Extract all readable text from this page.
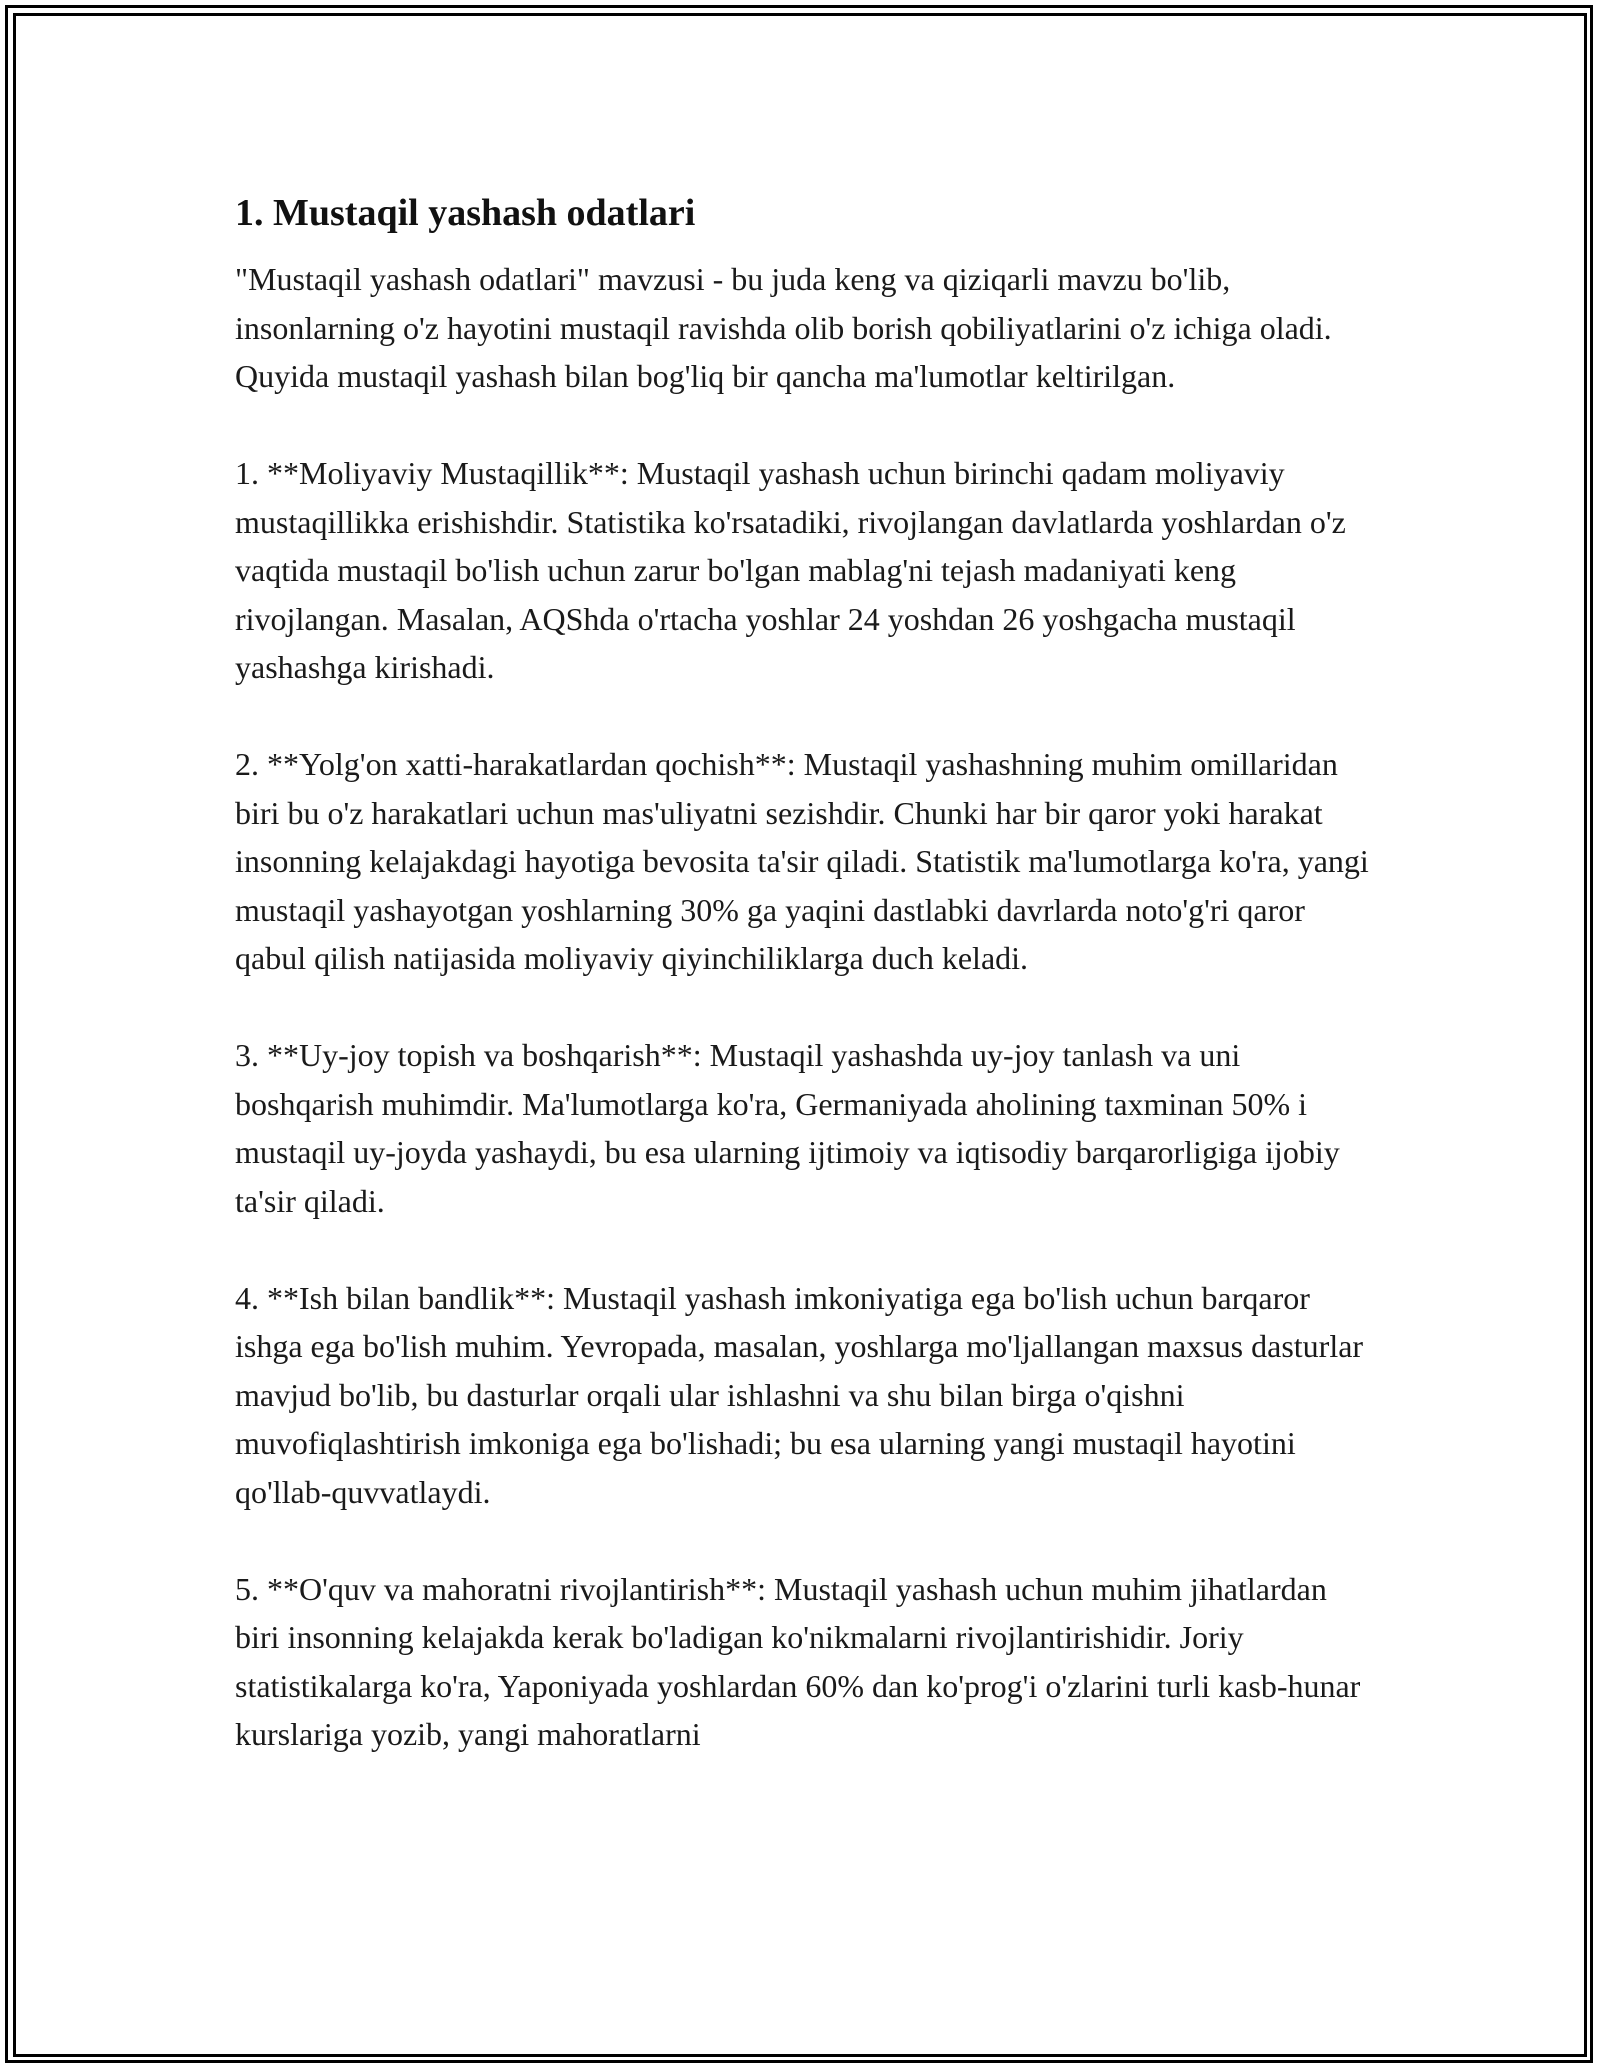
1. Mustaqil yashash odatlari

"Mustaqil yashash odatlari" mavzusi - bu juda keng va qiziqarli mavzu bo'lib, insonlarning o'z hayotini mustaqil ravishda olib borish qobiliyatlarini o'z ichiga oladi. Quyida mustaqil yashash bilan bog'liq bir qancha ma'lumotlar keltirilgan.

1. **Moliyaviy Mustaqillik**: Mustaqil yashash uchun birinchi qadam moliyaviy mustaqillikka erishishdir. Statistika ko'rsatadiki, rivojlangan davlatlarda yoshlardan o'z vaqtida mustaqil bo'lish uchun zarur bo'lgan mablag'ni tejash madaniyati keng rivojlangan. Masalan, AQShda o'rtacha yoshlar 24 yoshdan 26 yoshgacha mustaqil yashashga kirishadi.

2. **Yolg'on xatti-harakatlardan qochish**: Mustaqil yashashning muhim omillaridan biri bu o'z harakatlari uchun mas'uliyatni sezishdir. Chunki har bir qaror yoki harakat insonning kelajakdagi hayotiga bevosita ta'sir qiladi. Statistik ma'lumotlarga ko'ra, yangi mustaqil yashayotgan yoshlarning 30% ga yaqini dastlabki davrlarda noto'g'ri qaror qabul qilish natijasida moliyaviy qiyinchiliklarga duch keladi.

3. **Uy-joy topish va boshqarish**: Mustaqil yashashda uy-joy tanlash va uni boshqarish muhimdir. Ma'lumotlarga ko'ra, Germaniyada aholining taxminan 50% i mustaqil uy-joyda yashaydi, bu esa ularning ijtimoiy va iqtisodiy barqarorligiga ijobiy ta'sir qiladi.

4. **Ish bilan bandlik**: Mustaqil yashash imkoniyatiga ega bo'lish uchun barqaror ishga ega bo'lish muhim. Yevropada, masalan, yoshlarga mo'ljallangan maxsus dasturlar mavjud bo'lib, bu dasturlar orqali ular ishlashni va shu bilan birga o'qishni muvofiqlashtirish imkoniga ega bo'lishadi; bu esa ularning yangi mustaqil hayotini qo'llab-quvvatlaydi.

5. **O'quv va mahoratni rivojlantirish**: Mustaqil yashash uchun muhim jihatlardan biri insonning kelajakda kerak bo'ladigan ko'nikmalarni rivojlantirishidir. Joriy statistikalarga ko'ra, Yaponiyada yoshlardan 60% dan ko'prog'i o'zlarini turli kasb-hunar kurslariga yozib, yangi mahoratlarni
